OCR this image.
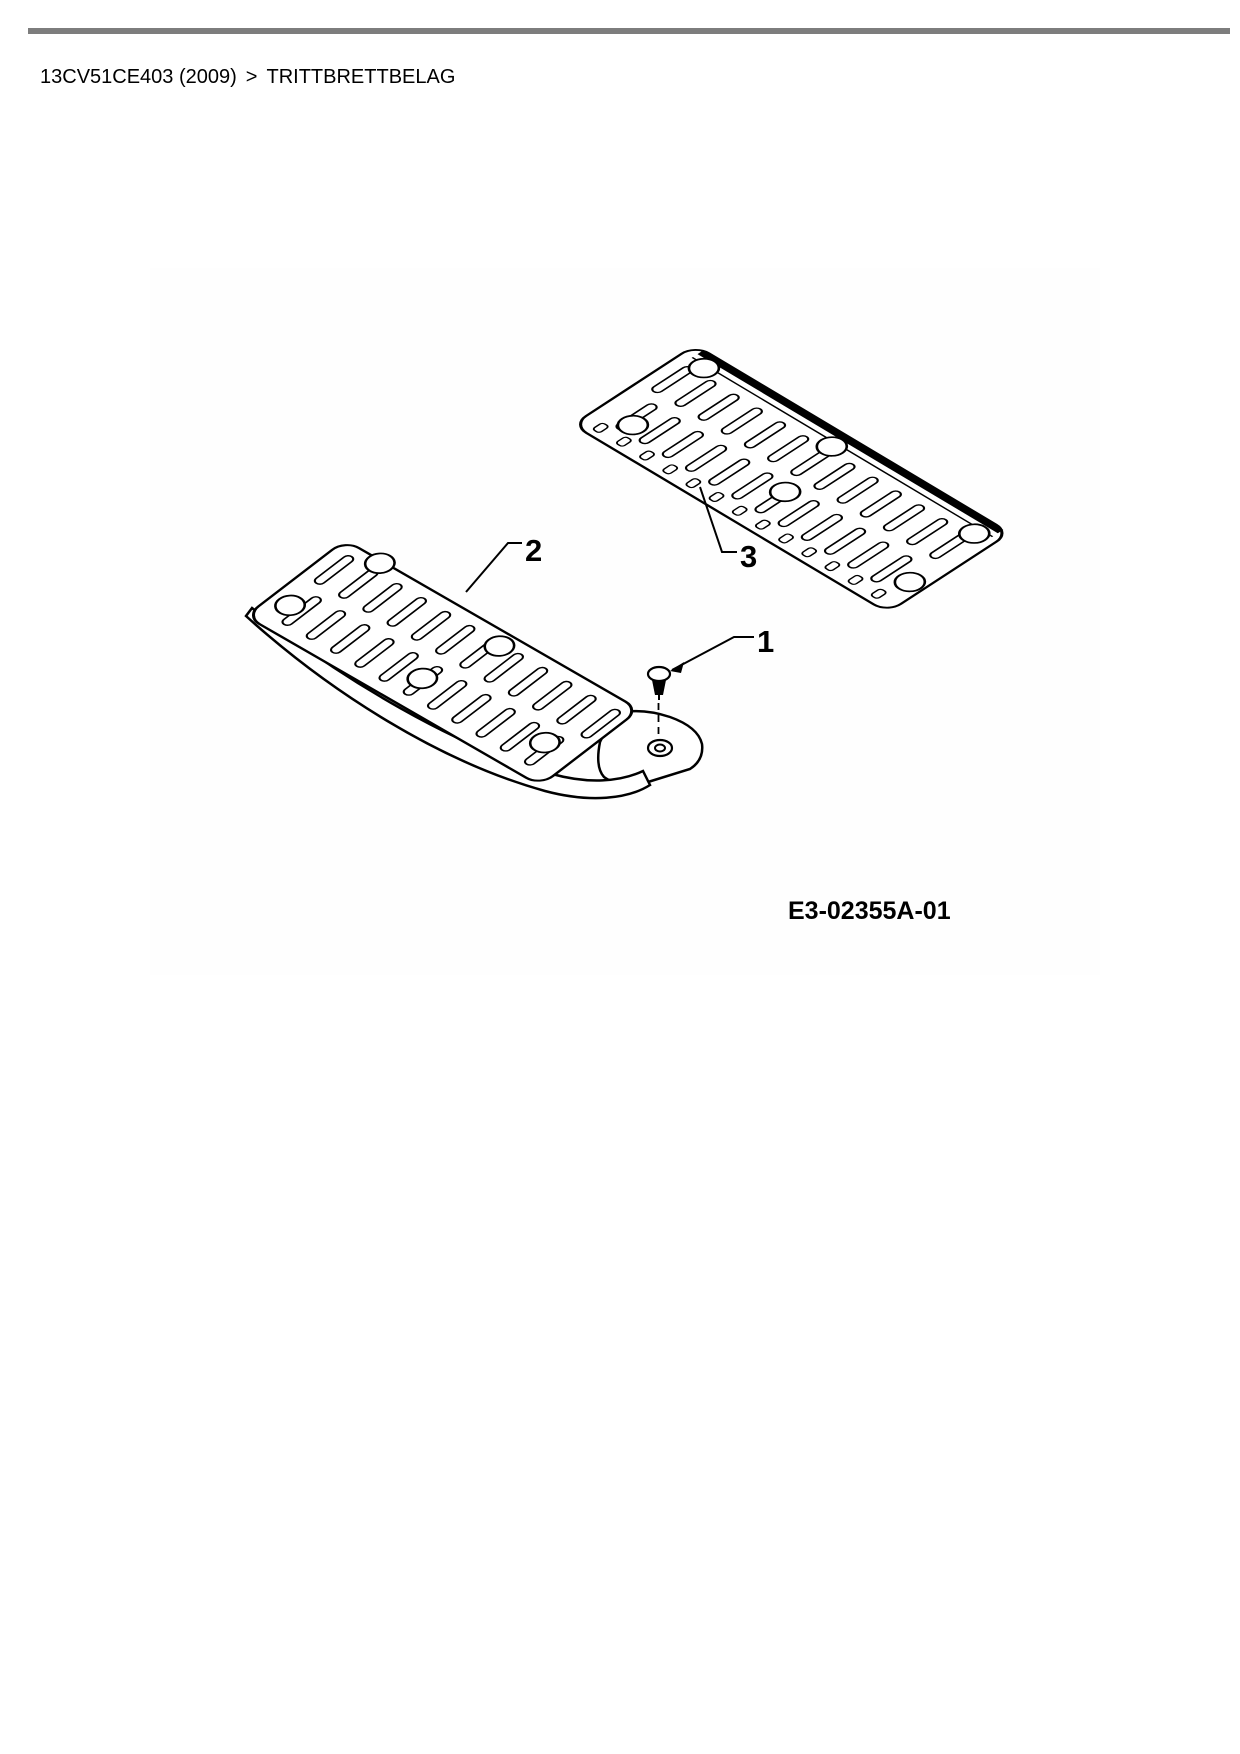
13CV51CE403 (2009) > TRITTBRETTBELAG
1
2	3
E3-02355A-01
